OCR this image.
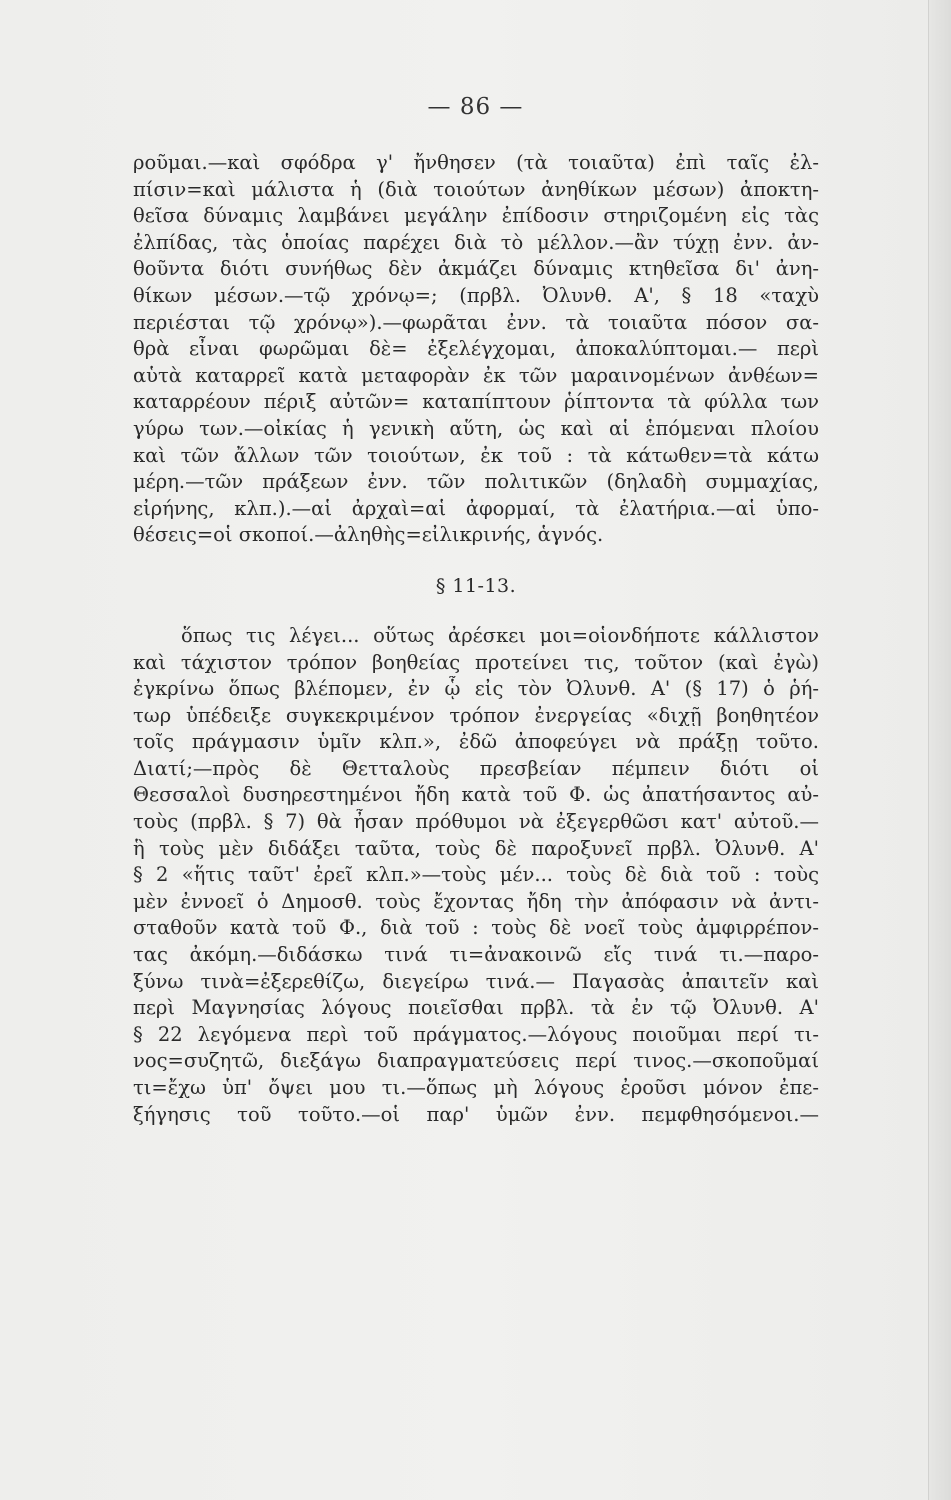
— 86 —
ροῦμαι.—καὶ σφόδρα γ' ἤνθησεν (τὰ τοιαῦτα) ἐπὶ ταῖς ἐλ-
πίσιν=καὶ μάλιστα ἡ (διὰ τοιούτων ἀνηθίκων μέσων) ἀποκτη-
θεῖσα δύναμις λαμβάνει μεγάλην ἐπίδοσιν στηριζομένη εἰς τὰς
ἐλπίδας, τὰς ὁποίας παρέχει διὰ τὸ μέλλον.—ἂν τύχῃ ἐνν. ἀν-
θοῦντα διότι συνήθως δὲν ἀκμάζει δύναμις κτηθεῖσα δι' ἀνη-
θίκων μέσων.—τῷ χρόνῳ=; (πρβλ. Ὀλυνθ. Α', § 18 «ταχὺ
περιέσται τῷ χρόνῳ»).—φωρᾶται ἐνν. τὰ τοιαῦτα πόσον σα-
θρὰ εἶναι φωρῶμαι δὲ= ἐξελέγχομαι, ἀποκαλύπτομαι.— περὶ
αὑτὰ καταρρεῖ κατὰ μεταφορὰν ἐκ τῶν μαραινομένων ἀνθέων=
καταρρέουν πέριξ αὐτῶν= καταπίπτουν ῥίπτοντα τὰ φύλλα των
γύρω των.—οἰκίας ἡ γενικὴ αὕτη, ὡς καὶ αἱ ἑπόμεναι πλοίου
καὶ τῶν ἄλλων τῶν τοιούτων, ἐκ τοῦ : τὰ κάτωθεν=τὰ κάτω
μέρη.—τῶν πράξεων ἐνν. τῶν πολιτικῶν (δηλαδὴ συμμαχίας,
εἰρήνης, κλπ.).—αἱ ἀρχαὶ=αἱ ἀφορμαί, τὰ ἐλατήρια.—αἱ ὑπο-
θέσεις=οἱ σκοποί.—ἀληθὴς=εἰλικρινής, ἁγνός.
§ 11-13.
ὅπως τις λέγει... οὕτως ἀρέσκει μοι=οἱονδήποτε κάλλιστον
καὶ τάχιστον τρόπον βοηθείας προτείνει τις, τοῦτον (καὶ ἐγὼ)
ἐγκρίνω ὅπως βλέπομεν, ἐν ᾧ εἰς τὸν Ὀλυνθ. Α' (§ 17) ὁ ῥή-
τωρ ὑπέδειξε συγκεκριμένον τρόπον ἐνεργείας «διχῇ βοηθητέον
τοῖς πράγμασιν ὑμῖν κλπ.», ἐδῶ ἀποφεύγει νὰ πράξῃ τοῦτο.
Διατί;—πρὸς δὲ Θετταλοὺς πρεσβείαν πέμπειν διότι οἱ
Θεσσαλοὶ δυσηρεστημένοι ἤδη κατὰ τοῦ Φ. ὡς ἀπατήσαντος αὐ-
τοὺς (πρβλ. § 7) θὰ ἦσαν πρόθυμοι νὰ ἐξεγερθῶσι κατ' αὐτοῦ.—
ἣ τοὺς μὲν διδάξει ταῦτα, τοὺς δὲ παροξυνεῖ πρβλ. Ὀλυνθ. Α'
§ 2 «ἥτις ταῦτ' ἐρεῖ κλπ.»—τοὺς μέν... τοὺς δὲ διὰ τοῦ : τοὺς
μὲν ἐννοεῖ ὁ Δημοσθ. τοὺς ἔχοντας ἤδη τὴν ἀπόφασιν νὰ ἀντι-
σταθοῦν κατὰ τοῦ Φ., διὰ τοῦ : τοὺς δὲ νοεῖ τοὺς ἀμφιρρέπον-
τας ἀκόμη.—διδάσκω τινά τι=ἀνακοινῶ εἴς τινά τι.—παρο-
ξύνω τινὰ=ἐξερεθίζω, διεγείρω τινά.— Παγασὰς ἀπαιτεῖν καὶ
περὶ Μαγνησίας λόγους ποιεῖσθαι πρβλ. τὰ ἐν τῷ Ὀλυνθ. Α'
§ 22 λεγόμενα περὶ τοῦ πράγματος.—λόγους ποιοῦμαι περί τι-
νος=συζητῶ, διεξάγω διαπραγματεύσεις περί τινος.—σκοποῦμαί
τι=ἔχω ὑπ' ὄψει μου τι.—ὅπως μὴ λόγους ἐροῦσι μόνον ἐπε-
ξήγησις τοῦ τοῦτο.—οἱ παρ' ὑμῶν ἐνν. πεμφθησόμενοι.—
